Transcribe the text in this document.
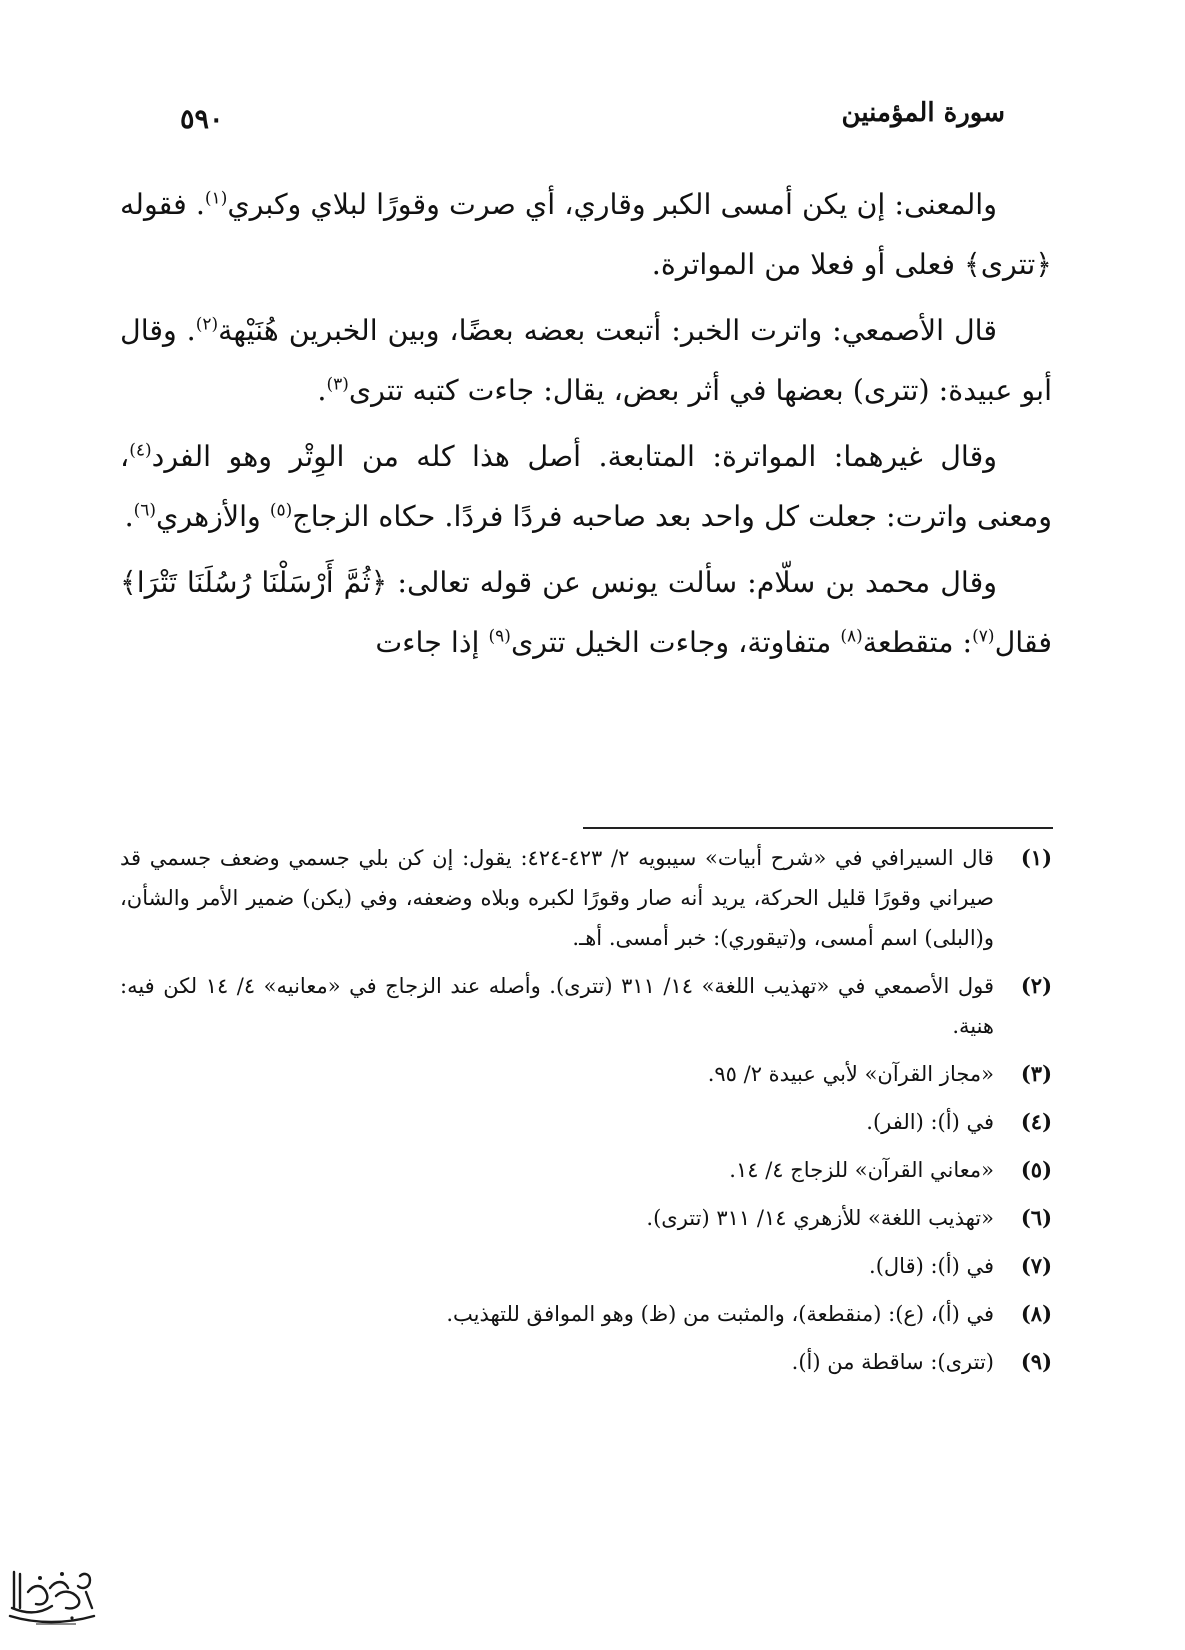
سورة المؤمنين
٥٩٠

والمعنى: إن يكن أمسى الكبر وقاري، أي صرت وقورًا لبلاي وكبري$^{(١)}$. فقوله ﴿تترى﴾ فعلى أو فعلا من المواترة.

قال الأصمعي: واترت الخبر: أتبعت بعضه بعضًا، وبين الخبرين هُنَيْهة$^{(٢)}$. وقال أبو عبيدة: (تترى) بعضها في أثر بعض، يقال: جاءت كتبه تترى$^{(٣)}$.

وقال غيرهما: المواترة: المتابعة. أصل هذا كله من الوِتْر وهو الفرد$^{(٤)}$، ومعنى واترت: جعلت كل واحد بعد صاحبه فردًا فردًا. حكاه الزجاج$^{(٥)}$ والأزهري$^{(٦)}$.

وقال محمد بن سلّام: سألت يونس عن قوله تعالى: ﴿ثُمَّ أَرْسَلْنَا رُسُلَنَا تَتْرَا﴾ فقال$^{(٧)}$: متقطعة$^{(٨)}$ متفاوتة، وجاءت الخيل تترى$^{(٩)}$ إذا جاءت

(١)
قال السيرافي في «شرح أبيات» سيبويه ٢/ ٤٢٣-٤٢٤: يقول: إن كن بلي جسمي وضعف جسمي قد صيراني وقورًا قليل الحركة، يريد أنه صار وقورًا لكبره وبلاه وضعفه، وفي (يكن) ضمير الأمر والشأن، و(البلى) اسم أمسى، و(تيقوري): خبر أمسى. أهـ.
(٢)
قول الأصمعي في «تهذيب اللغة» ١٤/ ٣١١ (تترى). وأصله عند الزجاج في «معانيه» ٤/ ١٤ لكن فيه: هنية.
(٣)
«مجاز القرآن» لأبي عبيدة ٢/ ٩٥.
(٤)
في (أ): (الفر).
(٥)
«معاني القرآن» للزجاج ٤/ ١٤.
(٦)
«تهذيب اللغة» للأزهري ١٤/ ٣١١ (تترى).
(٧)
في (أ): (قال).
(٨)
في (أ)، (ع): (منقطعة)، والمثبت من (ظ) وهو الموافق للتهذيب.
(٩)
(تترى): ساقطة من (أ).
